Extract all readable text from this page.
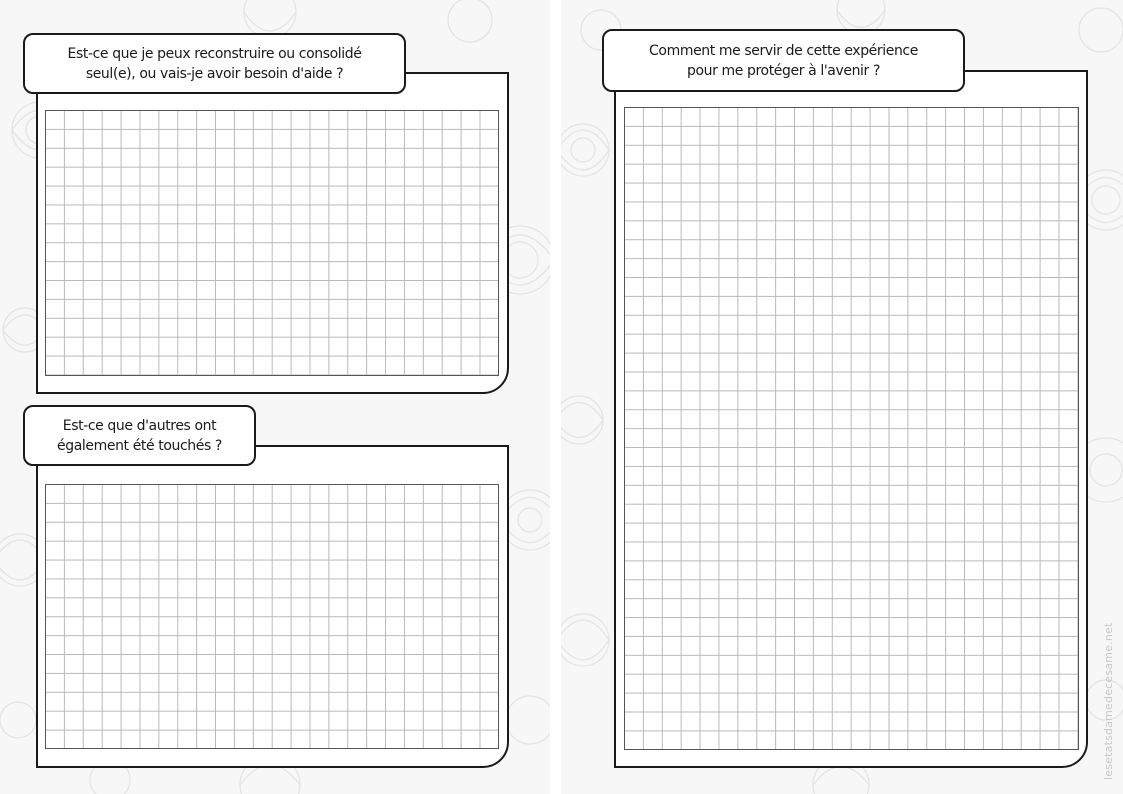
Est-ce que je peux reconstruire ou consolidé
seul(e), ou vais-je avoir besoin d'aide ?
Est-ce que d'autres ont
également été touchés ?
Comment me servir de cette expérience
pour me protéger à l'avenir ?
lesetatsdamedecesame.net
